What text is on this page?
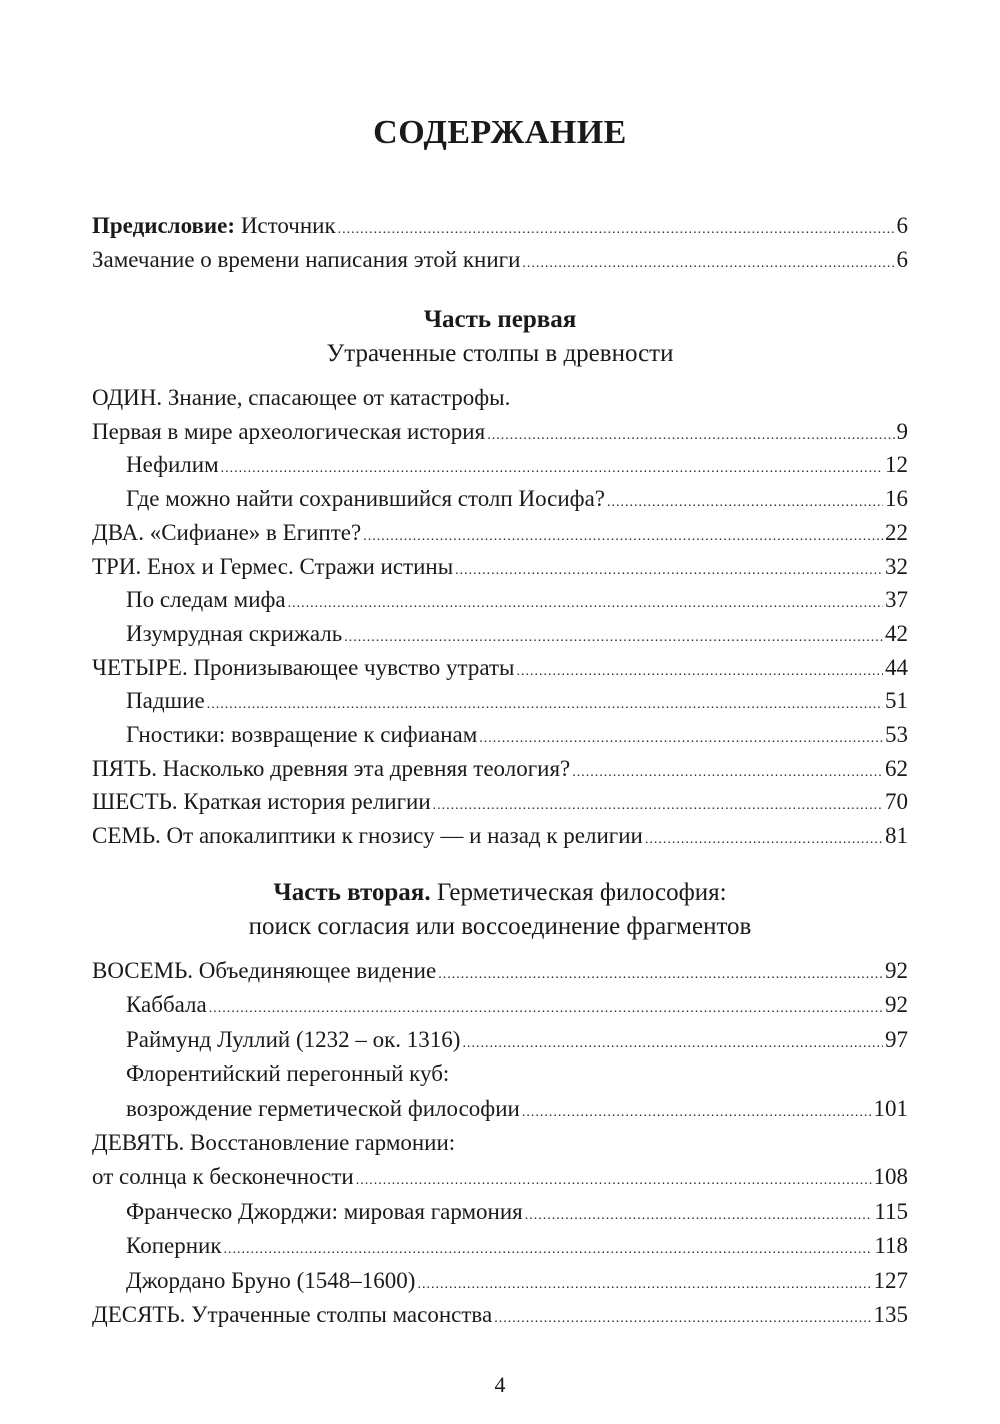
СОДЕРЖАНИЕ
Предисловие: Источник .....	6
Замечание о времени написания этой книги .....	6
Часть первая
Утраченные столпы в древности
ОДИН. Знание, спасающее от катастрофы.
Первая в мире археологическая история .....	9
Нефилим .....	12
Где можно найти сохранившийся столп Иосифа? .....	16
ДВА. «Сифиане» в Египте? .....	22
ТРИ. Енох и Гермес. Стражи истины .....	32
По следам мифа .....	37
Изумрудная скрижаль .....	42
ЧЕТЫРЕ. Пронизывающее чувство утраты .....	44
Падшие .....	51
Гностики: возвращение к сифианам .....	53
ПЯТЬ. Насколько древняя эта древняя теология? .....	62
ШЕСТЬ. Краткая история религии .....	70
СЕМЬ. От апокалиптики к гнозису — и назад к религии .....	81
Часть вторая. Герметическая философия:
поиск согласия или воссоединение фрагментов
ВОСЕМЬ. Объединяющее видение .....	92
Каббала .....	92
Раймунд Луллий (1232 – ок. 1316) .....	97
Флорентийский перегонный куб:
возрождение герметической философии .....	101
ДЕВЯТЬ. Восстановление гармонии:
от солнца к бесконечности .....	108
Франческо Джорджи: мировая гармония .....	115
Коперник .....	118
Джордано Бруно (1548–1600) .....	127
ДЕСЯТЬ. Утраченные столпы масонства .....	135
4
